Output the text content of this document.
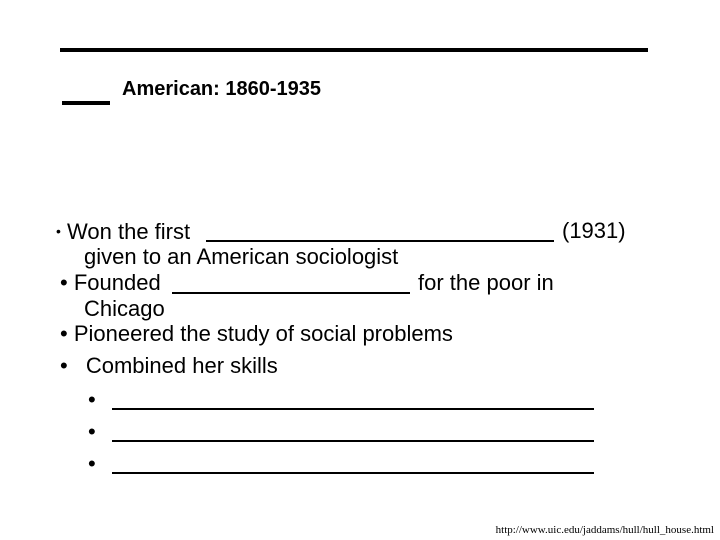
American: 1860-1935
• Won the first	(1931)
given to an American sociologist
• Founded	for the poor in
Chicago
• Pioneered the study of social problems
• Combined her skills
•
•
•
http://www.uic.edu/jaddams/hull/hull_house.html
